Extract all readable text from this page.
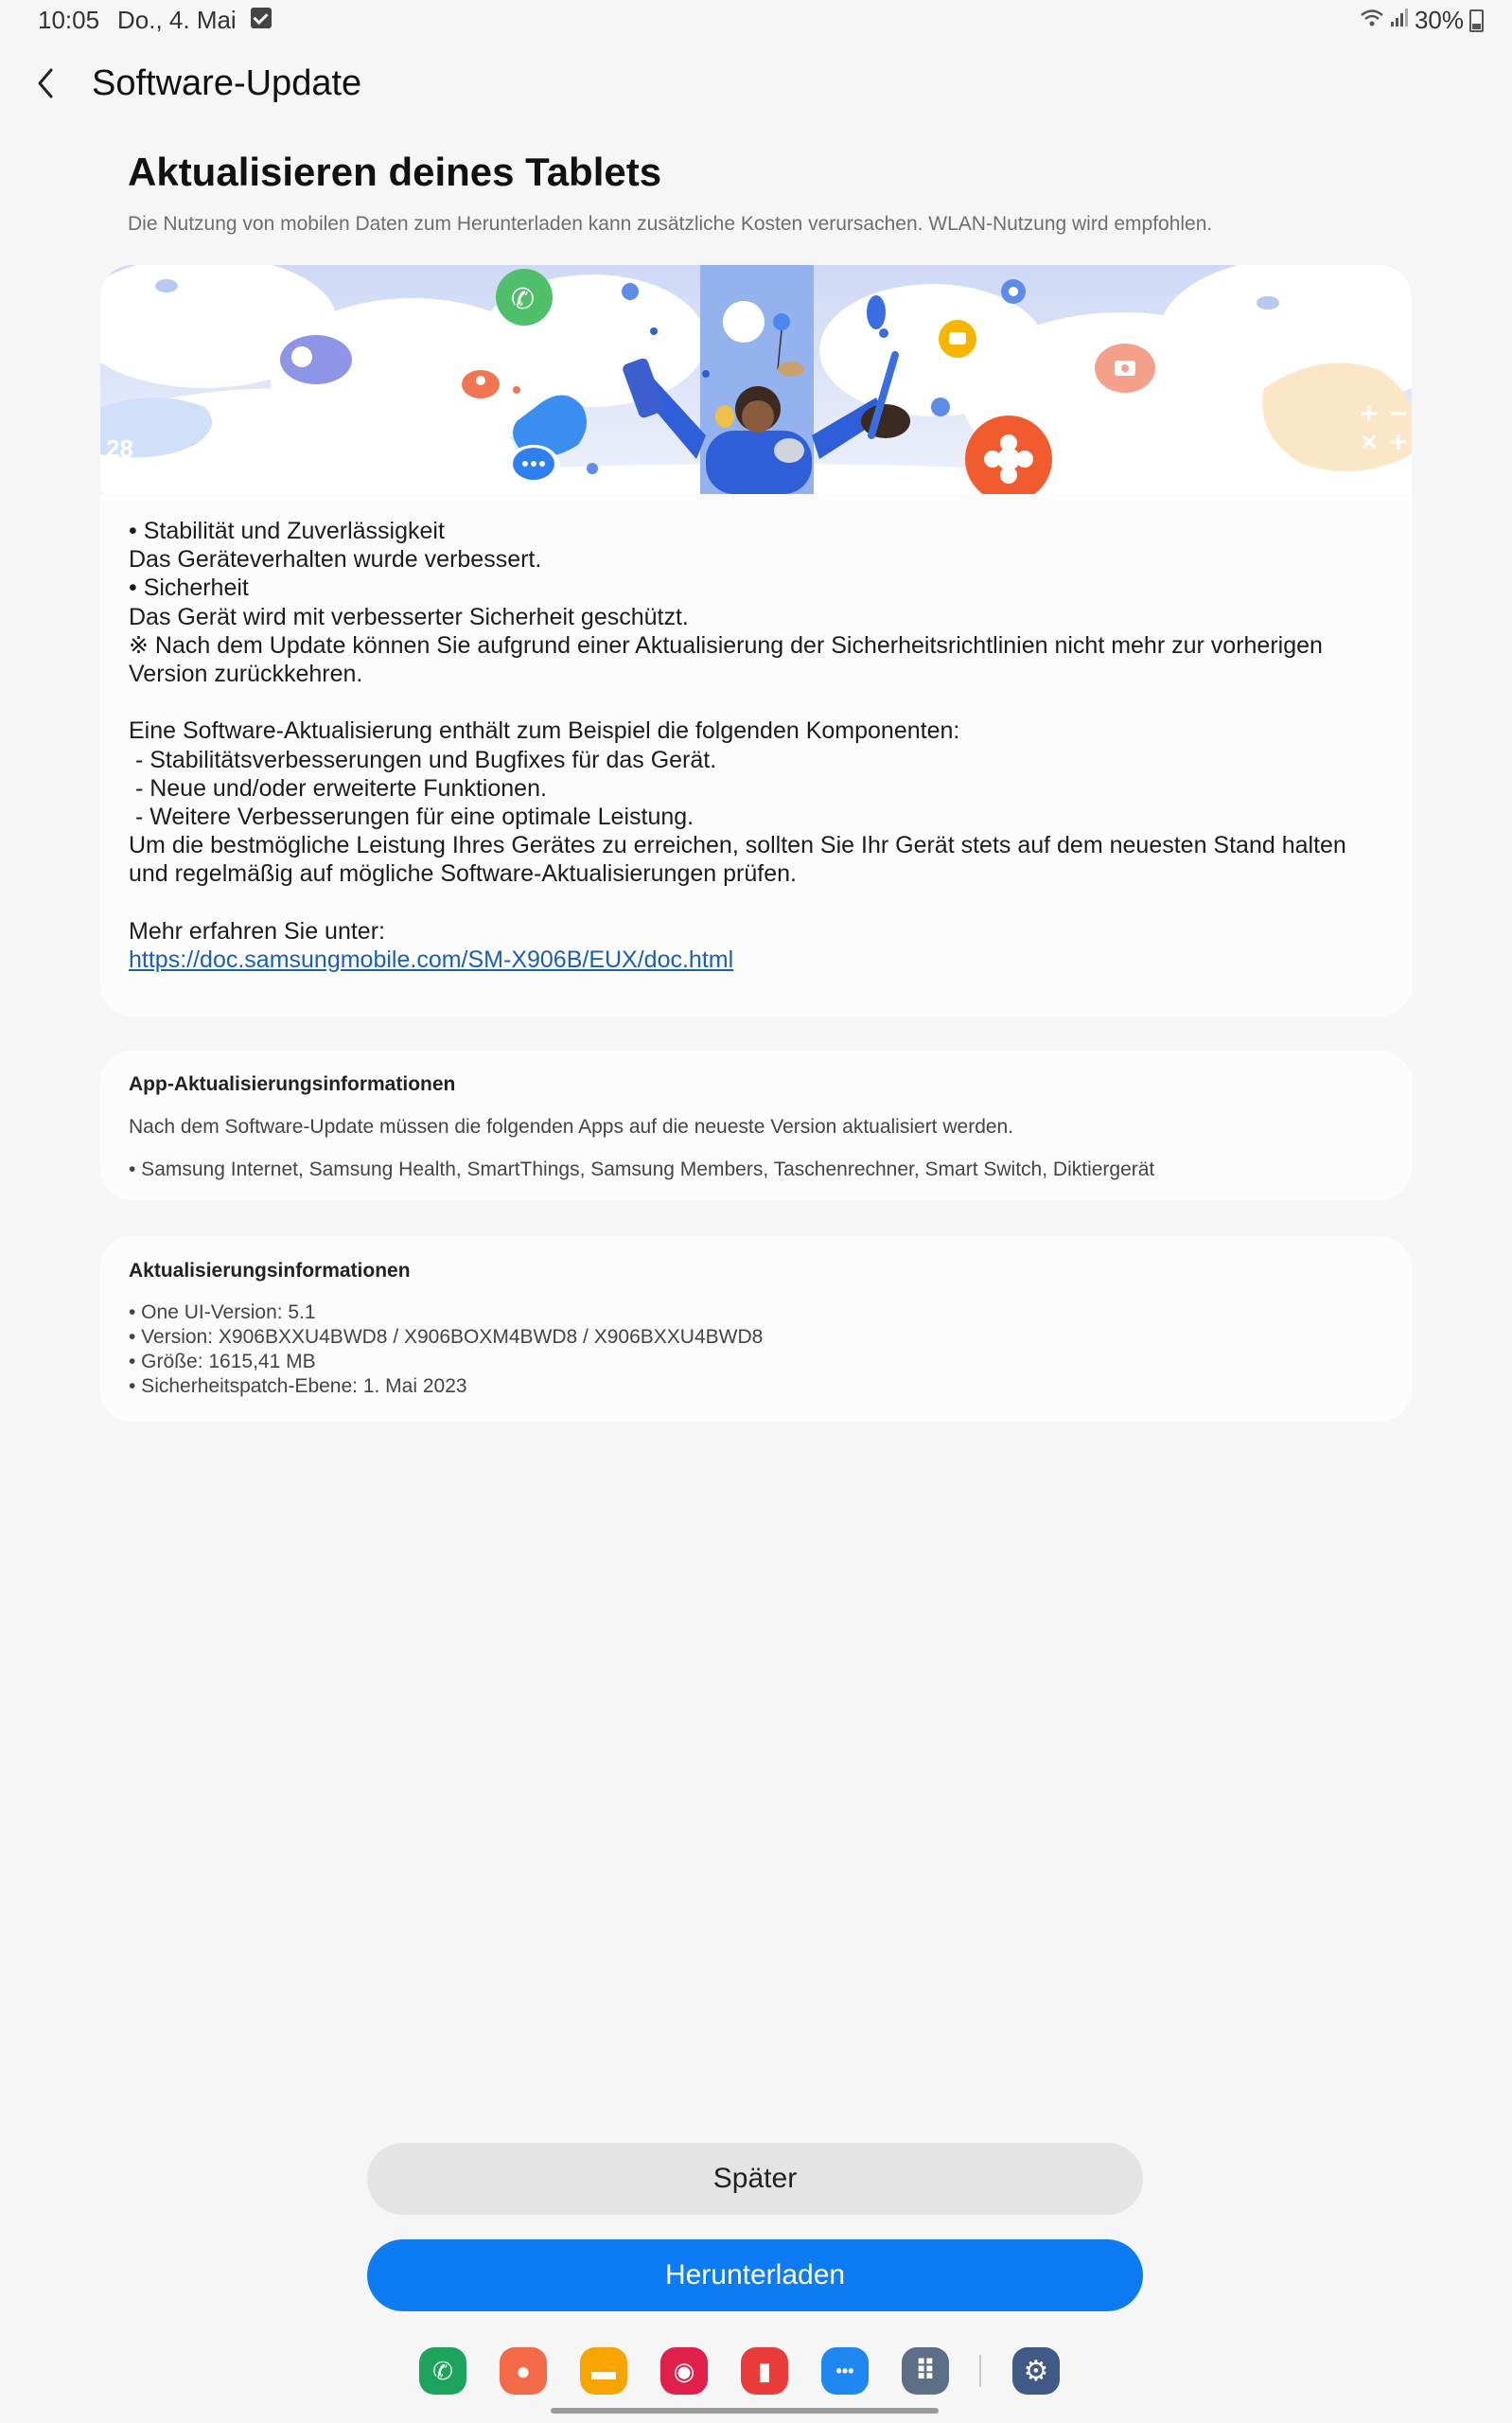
10:05 Do., 4. Mai	30%
Software-Update
Aktualisieren deines Tablets
Die Nutzung von mobilen Daten zum Herunterladen kann zusätzliche Kosten verursachen. WLAN-Nutzung wird empfohlen.
28
✆
+ −
× +
• Stabilität und Zuverlässigkeit
Das Geräteverhalten wurde verbessert.
• Sicherheit
Das Gerät wird mit verbesserter Sicherheit geschützt.
※ Nach dem Update können Sie aufgrund einer Aktualisierung der Sicherheitsrichtlinien nicht mehr zur vorherigen
Version zurückkehren.
Eine Software-Aktualisierung enthält zum Beispiel die folgenden Komponenten:
- Stabilitätsverbesserungen und Bugfixes für das Gerät.
- Neue und/oder erweiterte Funktionen.
- Weitere Verbesserungen für eine optimale Leistung.
Um die bestmögliche Leistung Ihres Gerätes zu erreichen, sollten Sie Ihr Gerät stets auf dem neuesten Stand halten
und regelmäßig auf mögliche Software-Aktualisierungen prüfen.
Mehr erfahren Sie unter:
https://doc.samsungmobile.com/SM-X906B/EUX/doc.html
App-Aktualisierungsinformationen
Nach dem Software-Update müssen die folgenden Apps auf die neueste Version aktualisiert werden.
• Samsung Internet, Samsung Health, SmartThings, Samsung Members, Taschenrechner, Smart Switch, Diktiergerät
Aktualisierungsinformationen
• One UI-Version: 5.1
• Version: X906BXXU4BWD8 / X906BOXM4BWD8 / X906BXXU4BWD8
• Größe: 1615,41 MB
• Sicherheitspatch-Ebene: 1. Mai 2023
Später
Herunterladen
✆	●	▬	◉	▮	•••	⠿	⚙
